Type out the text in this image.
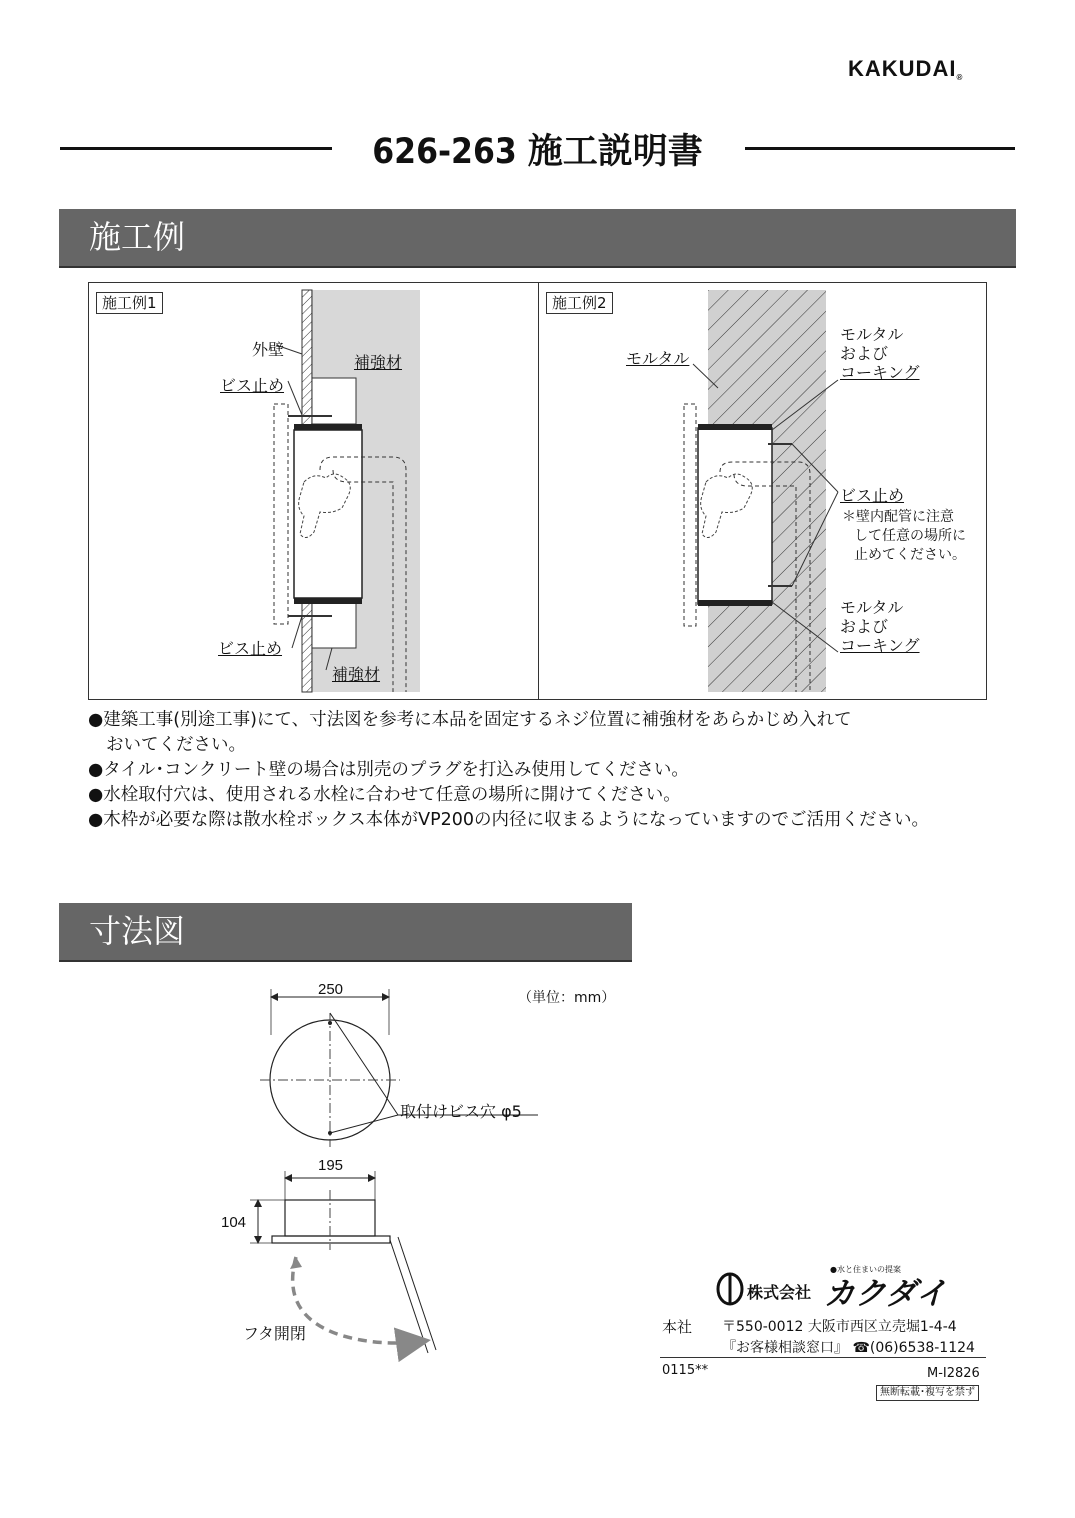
KAKUDAI®
626-263 施工説明書
施工例
施工例1
外壁
補強材
ビス止め
ビス止め
補強材
施工例2
モルタル
モルタル
および
コーキング
ビス止め
＊壁内配管に注意
して任意の場所に
止めてください。
モルタル
および
コーキング
●建築工事(別途工事)にて、寸法図を参考に本品を固定するネジ位置に補強材をあらかじめ入れて
おいてください。
●タイル･コンクリート壁の場合は別売のプラグを打込み使用してください。
●水栓取付穴は、使用される水栓に合わせて任意の場所に開けてください。
●木枠が必要な際は散水栓ボックス本体がVP200の内径に収まるようになっていますのでご活用ください。
寸法図
250	（単位：mm）
取付けビス穴 φ5
195
104
フタ開閉
●水と住まいの提案
株式会社 カクダイ
本社 〒550-0012 大阪市西区立売堀1-4-4
『お客様相談窓口』 ☎(06)6538-1124
0115**	M-I2826
無断転載･複写を禁ず
